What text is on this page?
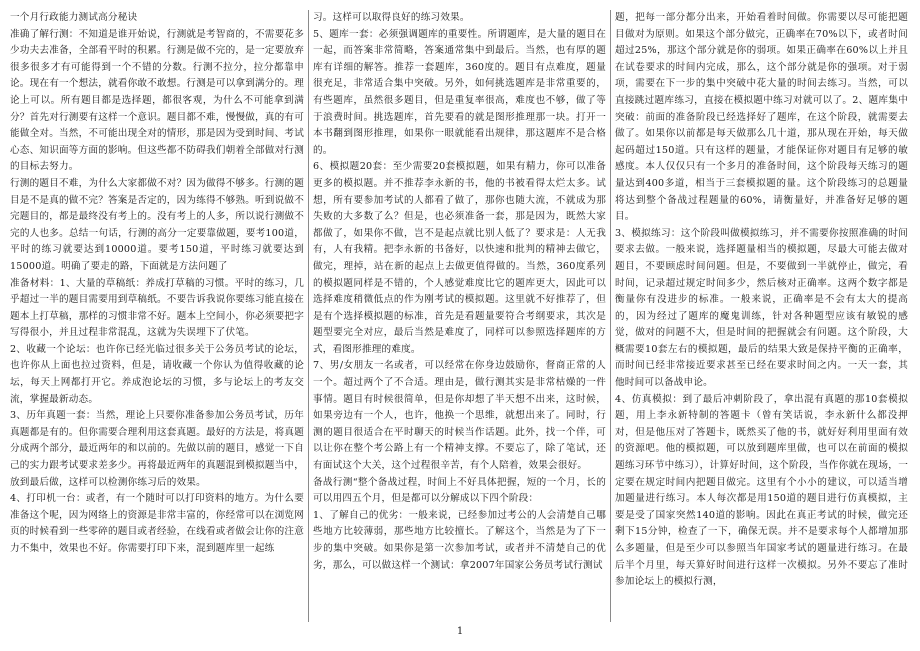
一个月行政能力测试高分秘诀

准确了解行测：不知道是谁开始说，行测就是考智商的，不需要花多少功夫去准备，全部看平时的积累。行测是做不完的，是一定要放弃很多很多才有可能得到一个不错的分数。行测不拉分，拉分都靠申论。现在有一个想法，就看你敢不敢想。行测是可以拿到满分的。理论上可以。所有题目都是选择题，都很客观，为什么不可能拿到满分？首先对行测要有这样一个意识。题目都不难，慢慢做，真的有可能做全对。当然，不可能出现全对的情形，那是因为受到时间、考试心态、知识面等方面的影响。但这些都不防碍我们朝着全部做对行测的目标去努力。

行测的题目不难，为什么大家都做不对？因为做得不够多。行测的题目是不是真的做不完？答案是否定的，因为练得不够熟。听到说做不完题目的，都是最终没有考上的。没有考上的人多，所以说行测做不完的人也多。总结一句话，行测的高分一定要靠做题，要考100道，平时的练习就要达到10000道。要考150道，平时练习就要达到15000道。明确了要走的路，下面就是方法问题了

准备材料：1、大量的草稿纸：养成打草稿的习惯。平时的练习，几乎超过一半的题目需要用到草稿纸。不要告诉我说你要练习能直接在题本上打草稿，那样的习惯非常不好。题本上空间小，你必须要把字写得很小，并且过程非常混乱，这就为失误埋下了伏笔。

2、收藏一个论坛：也许你已经光临过很多关于公务员考试的论坛，也许你从上面也拉过资料，但是，请收藏一个你认为值得收藏的论坛，每天上网都打开它。养成泡论坛的习惯，多与论坛上的考友交流，掌握最新动态。

3、历年真题一套：当然，理论上只要你准备参加公务员考试，历年真题都是有的。但你需要合理利用这套真题。最好的方法是，将真题分成两个部分，最近两年的和以前的。先做以前的题目，感觉一下自己的实力跟考试要求差多少。再将最近两年的真题混到模拟题当中，放到最后做，这样可以检测你练习后的效果。

4、打印机一台：或者，有一个随时可以打印资料的地方。为什么要准备这个呢，因为网络上的资源是非常丰富的，你经常可以在浏览网页的时候看到一些零碎的题目或者经验，在线看或者做会让你的注意力不集中，效果也不好。你需要打印下来，混到题库里一起练

习。这样可以取得良好的练习效果。

5、题库一套：必须强调题库的重要性。所谓题库，是大量的题目在一起，而答案非常简略，答案通常集中到最后。当然，也有厚的题库有详细的解答。推荐一套题库，360度的。题目有点难度，题量很充足，非常适合集中突破。另外，如何挑选题库是非常重要的，有些题库，虽然很多题目，但是重复率很高，难度也不够，做了等于浪费时间。挑选题库，首先要看的就是图形推理那一块。打开一本书翻到图形推理，如果你一眼就能看出规律，那这题库不是合格的。

6、模拟题20套：至少需要20套模拟题，如果有精力，你可以准备更多的模拟题。并不推荐李永新的书，他的书被看得太烂太多。试想，所有要参加考试的人都看了做了，那你也随大流，不就成为那失败的大多数了么？但是，也必须准备一套，那是因为，既然大家都做了，如果你不做，岂不是起点就比别人低了？要求是：人无我有，人有我精。把李永新的书备好，以快速和批判的精神去做它，做完，理掉，站在新的起点上去做更值得做的。当然，360度系列的模拟题同样是不错的，个人感觉难度比它的题库更大，因此可以选择难度稍微低点的作为刚考试的模拟题。这里就不好推荐了，但是有个选择模拟题的标准，首先是看题量要符合考纲要求，其次是题型要完全对应，最后当然是难度了，同样可以参照选择题库的方式，看图形推理的难度。

7、男/女朋友一名或者，可以经常在你身边鼓励你，督商正常的人一个。超过两个了不合适。理由是，做行测其实是非常枯燥的一件事情。题目有时候很简单，但是你却想了半天想不出来，这时候，如果旁边有一个人，也许，他换一个思维，就想出来了。同时，行测的题目很适合在平时聊天的时候当作话题。此外，找一个伴，可以让你在整个考公路上有一个精神支撑。不要忘了，除了笔试，还有面试这个大关，这个过程很辛苦，有个人陪着，效果会很好。

备战行测“整个备战过程，时间上不好具体把握，短的一个月，长的可以用四五个月，但是都可以分解成以下四个阶段：

1、了解自己的优劣：一般来说，已经参加过考公的人会清楚自己哪些地方比较薄弱，那些地方比较擅长。了解这个，当然是为了下一步的集中突破。如果你是第一次参加考试，或者并不清楚自己的优劣，那么，可以做这样一个测试：拿2007年国家公务员考试行测试

题，把每一部分都分出来，开始看着时间做。你需要以尽可能把题目做对为原则。如果这个部分做完，正确率在70%以下，或者时间超过25%，那这个部分就是你的弱项。如果正确率在60%以上并且在试卷要求的时间内完成，那么，这个部分就是你的强项。对于弱项，需要在下一步的集中突破中花大量的时间去练习。当然，可以直接跳过题库练习，直接在模拟题中练习对就可以了。2、题库集中突破：前面的准备阶段已经选择好了题库，在这个阶段，就需要去做了。如果你以前都是每天做那么几十道，那从现在开始，每天做起码超过150道。只有这样的题量，才能保证你对题目有足够的敏感度。本人仅仅只有一个多月的准备时间，这个阶段每天练习的题量达到400多道，相当于三套模拟题的量。这个阶段练习的总题量将达到整个备战过程题量的60%，请衡量好，并准备好足够的题目。

3、模拟练习：这个阶段叫做模拟练习，并不需要你按照准确的时间要求去做。一般来说，选择题量相当的模拟题，尽最大可能去做对题目，不要顾虑时间问题。但是，不要做到一半就停止，做完，看时间，记录超过规定时间多少，然后核对正确率。这两个数字都是衡量你有没进步的标准。一般来说，正确率是不会有太大的提高的，因为经过了题库的魔鬼训练，针对各种题型应该有敏锐的感觉，做对的问题不大，但是时间的把握就会有问题。这个阶段，大概需要10套左右的模拟题，最后的结果大致是保持平衡的正确率，而时间已经非常接近要求甚至已经在要求时间之内。一天一套，其他时间可以备战申论。

4、仿真模拟：到了最后冲刺阶段了，拿出混有真题的那10套模拟题，用上李永新特制的答题卡（曾有笑话说，李永新什么都没押对，但是他压对了答题卡，既然买了他的书，就好好利用里面有效的资源吧。他的模拟题，可以放到题库里做，也可以在前面的模拟题练习环节中练习），计算好时间，这个阶段，当作你就在现场，一定要在规定时间内把题目做完。这里有个小小的建议，可以适当增加题量进行练习。本人每次都是用150道的题目进行仿真模拟，主要是受了国家突然140道的影响。因此在真正考试的时候，做完还剩下15分钟，检查了一下，确保无误。并不是要求每个人都增加那么多题量，但是至少可以参照当年国家考试的题量进行练习。在最后半个月里，每天算好时间进行这样一次模拟。另外不要忘了准时参加论坛上的模拟行测，

1
